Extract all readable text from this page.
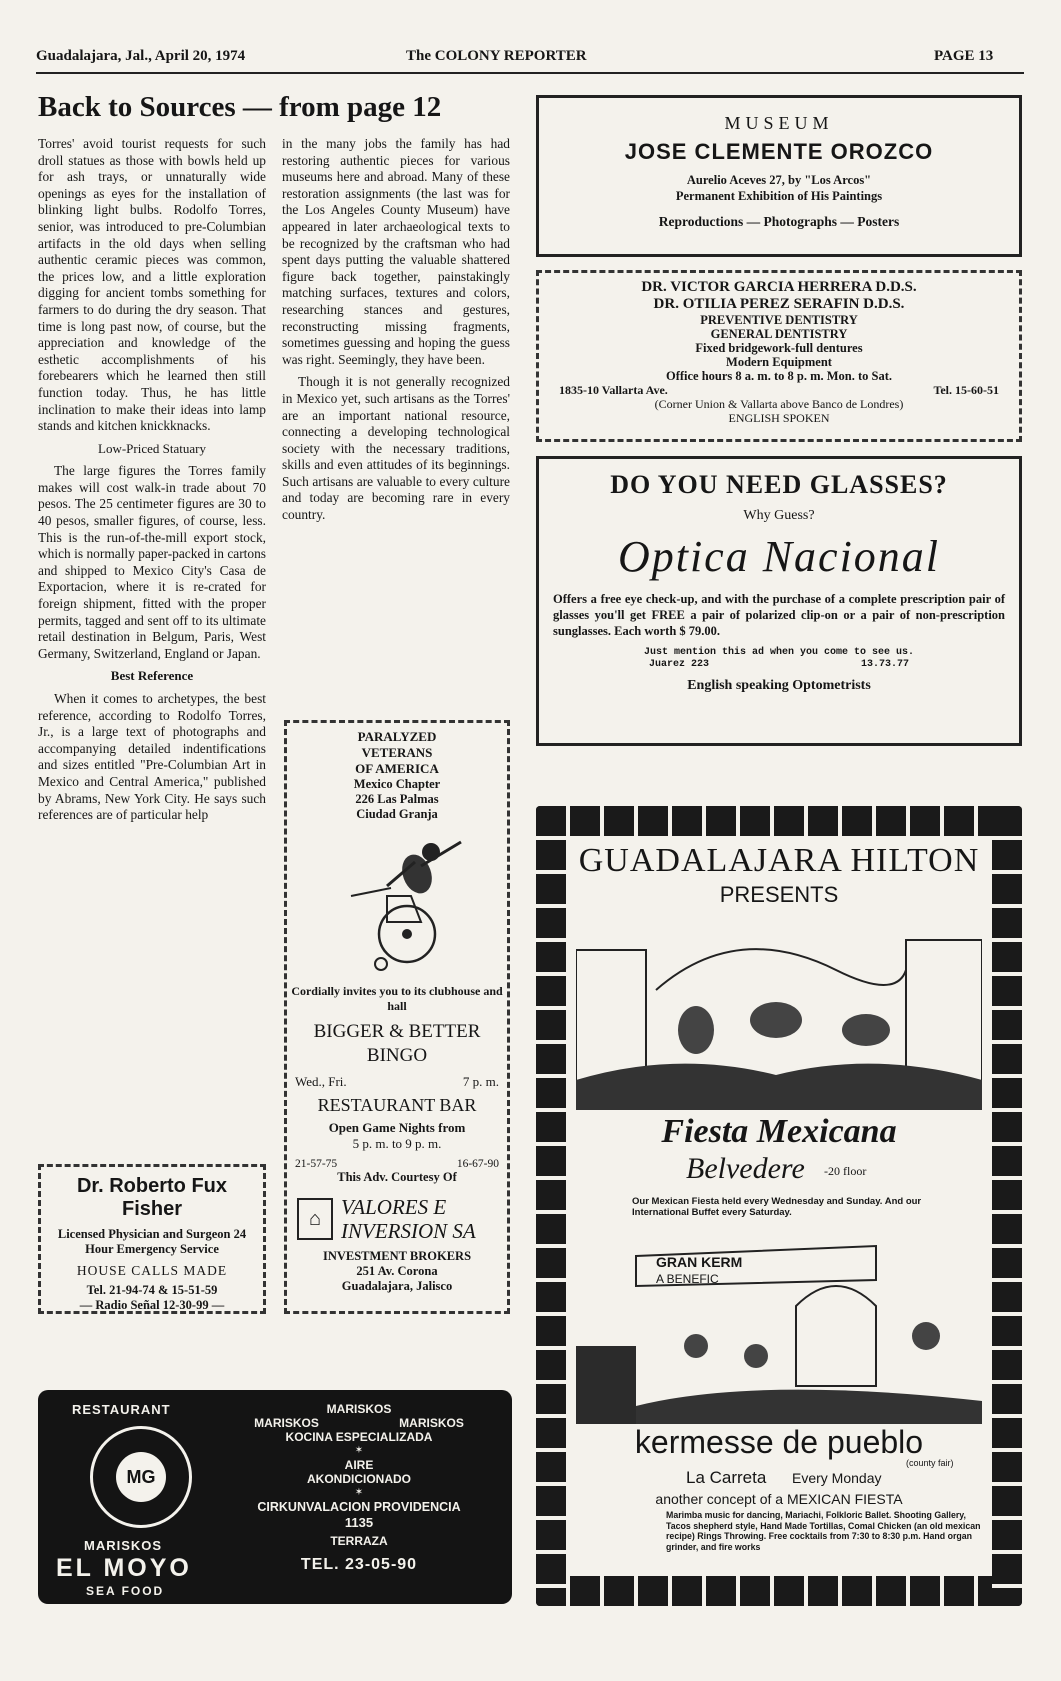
Guadalajara, Jal., April 20, 1974	The COLONY REPORTER	PAGE 13
Back to Sources — from page 12

Torres' avoid tourist requests for such droll statues as those with bowls held up for ash trays, or unnaturally wide openings as eyes for the installation of blinking light bulbs. Rodolfo Torres, senior, was introduced to pre-Columbian artifacts in the old days when selling authentic ceramic pieces was common, the prices low, and a little exploration digging for ancient tombs something for farmers to do during the dry season. That time is long past now, of course, but the appreciation and knowledge of the esthetic accomplishments of his forebearers which he learned then still function today. Thus, he has little inclination to make their ideas into lamp stands and kitchen knickknacks.

Low-Priced Statuary

The large figures the Torres family makes will cost walk-in trade about 70 pesos. The 25 centimeter figures are 30 to 40 pesos, smaller figures, of course, less. This is the run-of-the-mill export stock, which is normally paper-packed in cartons and shipped to Mexico City's Casa de Exportacion, where it is re-crated for foreign shipment, fitted with the proper permits, tagged and sent off to its ultimate retail destination in Belgum, Paris, West Germany, Switzerland, England or Japan.

Best Reference

When it comes to archetypes, the best reference, according to Rodolfo Torres, Jr., is a large text of photographs and accompanying detailed indentifications and sizes entitled "Pre-Columbian Art in Mexico and Central America," published by Abrams, New York City. He says such references are of particular help

in the many jobs the family has had restoring authentic pieces for various museums here and abroad. Many of these restoration assignments (the last was for the Los Angeles County Museum) have appeared in later archaeological texts to be recognized by the craftsman who had spent days putting the valuable shattered figure back together, painstakingly matching surfaces, textures and colors, researching stances and gestures, reconstructing missing fragments, sometimes guessing and hoping the guess was right. Seemingly, they have been.

Though it is not generally recognized in Mexico yet, such artisans as the Torres' are an important national resource, connecting a developing technological society with the necessary traditions, skills and even attitudes of its beginnings. Such artisans are valuable to every culture and today are becoming rare in every country.

PARALYZED
VETERANS
OF AMERICA
Mexico Chapter
226 Las Palmas
Ciudad Granja
Cordially invites you to its clubhouse and hall
BIGGER & BETTER
BINGO
Wed., Fri.	7 p. m.
RESTAURANT BAR
Open Game Nights from
5 p. m. to 9 p. m.
21-57-75	16-67-90
This Adv. Courtesy Of
⌂ VALORES E
INVERSION SA
INVESTMENT BROKERS
251 Av. Corona
Guadalajara, Jalisco
Dr. Roberto Fux
Fisher
Licensed Physician and Surgeon 24 Hour Emergency Service
HOUSE CALLS MADE
Tel. 21-94-74 & 15-51-59
— Radio Señal 12-30-99 —
RESTAURANT
MG
MARISKOS
EL MOYO
SEA FOOD
MARISKOS
MARISKOS	MARISKOS
KOCINA ESPECIALIZADA
✶
AIRE
AKONDICIONADO
✶
CIRKUNVALACION PROVIDENCIA
1135
TERRAZA
TEL. 23-05-90
MUSEUM
JOSE CLEMENTE OROZCO
Aurelio Aceves 27, by "Los Arcos"
Permanent Exhibition of His Paintings
Reproductions — Photographs — Posters
DR. VICTOR GARCIA HERRERA D.D.S.
DR. OTILIA PEREZ SERAFIN D.D.S.
PREVENTIVE DENTISTRY
GENERAL DENTISTRY
Fixed bridgework-full dentures
Modern Equipment
Office hours 8 a. m. to 8 p. m. Mon. to Sat.
1835-10 Vallarta Ave.	Tel. 15-60-51
(Corner Union & Vallarta above Banco de Londres)
ENGLISH SPOKEN
DO YOU NEED GLASSES?
Why Guess?
Optica Nacional
Offers a free eye check-up, and with the purchase of a complete prescription pair of glasses you'll get FREE a pair of polarized clip-on or a pair of non-prescription sunglasses. Each worth $ 79.00.
Just mention this ad when you come to see us.
Juarez 223	13.73.77
English speaking Optometrists
GUADALAJARA HILTON
PRESENTS
Fiesta Mexicana
Belvedere -20 floor
Our Mexican Fiesta held every Wednesday and Sunday. And our International Buffet every Saturday.
GRAN KERM
A BENEFIC
kermesse de pueblo
(county fair)
La Carreta Every Monday
another concept of a MEXICAN FIESTA
Marimba music for dancing, Mariachi, Folkloric Ballet. Shooting Gallery, Tacos shepherd style, Hand Made Tortillas, Comal Chicken (an old mexican recipe) Rings Throwing. Free cocktails from 7:30 to 8:30 p.m. Hand organ grinder, and fire works
